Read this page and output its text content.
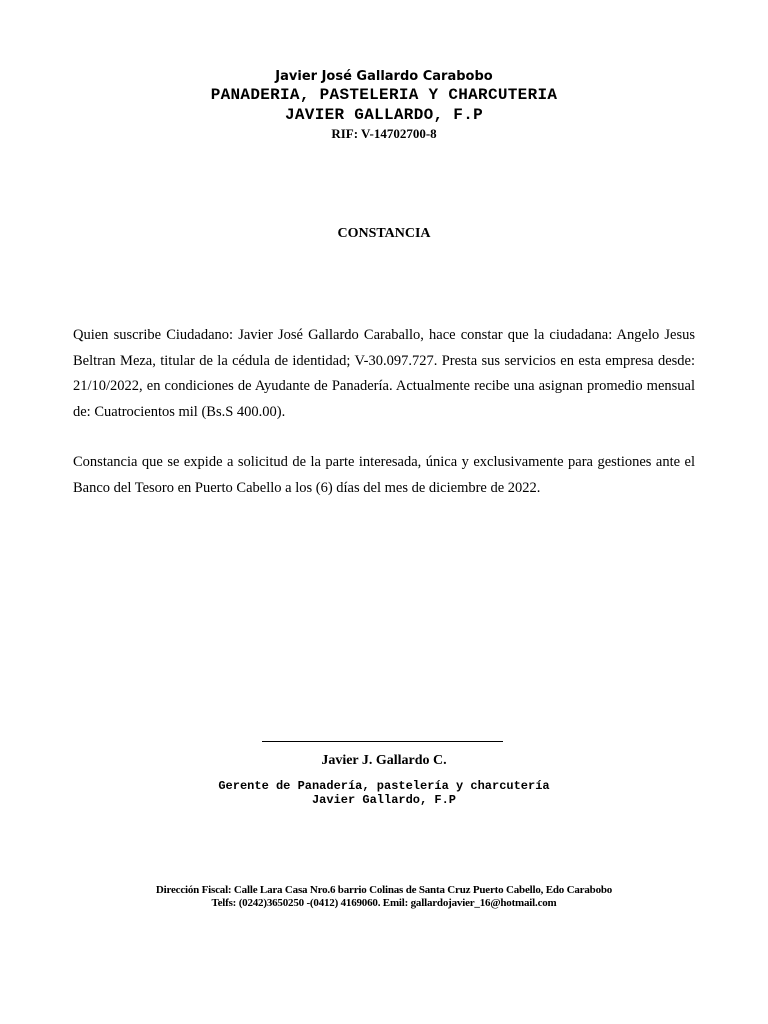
Javier José Gallardo Carabobo
PANADERIA, PASTELERIA Y CHARCUTERIA
JAVIER GALLARDO, F.P
RIF: V-14702700-8
CONSTANCIA

Quien suscribe Ciudadano: Javier José Gallardo Caraballo, hace constar que la ciudadana: Angelo Jesus Beltran Meza, titular de la cédula de identidad; V-30.097.727. Presta sus servicios en esta empresa desde: 21/10/2022, en condiciones de Ayudante de Panadería. Actualmente recibe una asignan promedio mensual de: Cuatrocientos mil (Bs.S 400.00).

Constancia que se expide a solicitud de la parte interesada, única y exclusivamente para gestiones ante el Banco del Tesoro en Puerto Cabello a los (6) días del mes de diciembre de 2022.

Javier J. Gallardo C.
Gerente de Panadería, pastelería y charcutería
Javier Gallardo, F.P
Dirección Fiscal: Calle Lara Casa Nro.6 barrio Colinas de Santa Cruz Puerto Cabello, Edo Carabobo
Telfs: (0242)3650250 -(0412) 4169060. Emil: gallardojavier_16@hotmail.com
